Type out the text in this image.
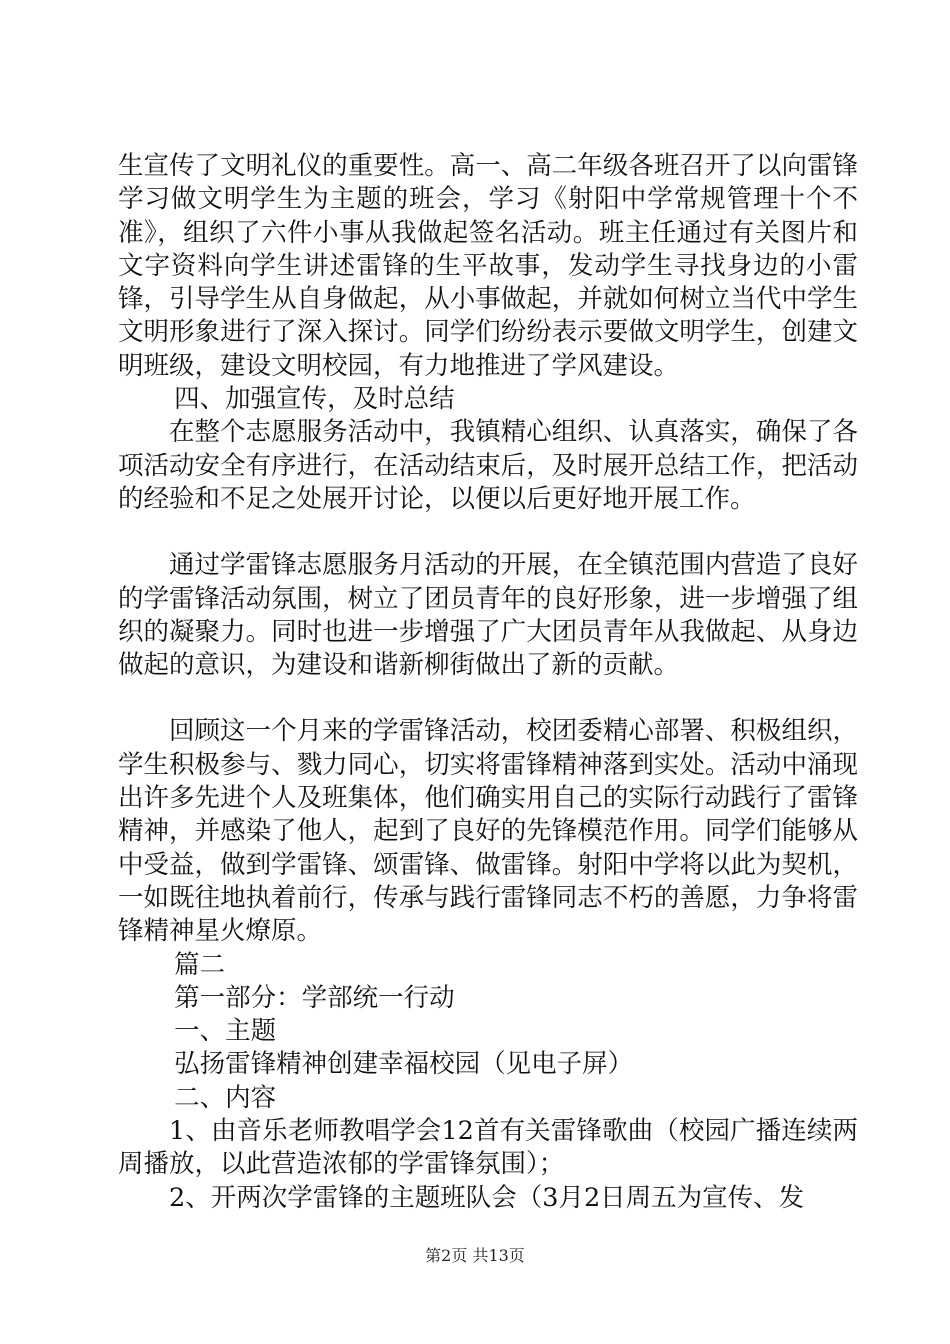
生宣传了文明礼仪的重要性。高一、高二年级各班召开了以向雷锋学习做文明学生为主题的班会，学习《射阳中学常规管理十个不准》，组织了六件小事从我做起签名活动。班主任通过有关图片和文字资料向学生讲述雷锋的生平故事，发动学生寻找身边的小雷锋，引导学生从自身做起，从小事做起，并就如何树立当代中学生文明形象进行了深入探讨。同学们纷纷表示要做文明学生，创建文明班级，建设文明校园，有力地推进了学风建设。

四、加强宣传，及时总结

在整个志愿服务活动中，我镇精心组织、认真落实，确保了各项活动安全有序进行，在活动结束后，及时展开总结工作，把活动的经验和不足之处展开讨论，以便以后更好地开展工作。

通过学雷锋志愿服务月活动的开展，在全镇范围内营造了良好的学雷锋活动氛围，树立了团员青年的良好形象，进一步增强了组织的凝聚力。同时也进一步增强了广大团员青年从我做起、从身边做起的意识，为建设和谐新柳街做出了新的贡献。

回顾这一个月来的学雷锋活动，校团委精心部署、积极组织，学生积极参与、戮力同心，切实将雷锋精神落到实处。活动中涌现出许多先进个人及班集体，他们确实用自己的实际行动践行了雷锋精神，并感染了他人，起到了良好的先锋模范作用。同学们能够从中受益，做到学雷锋、颂雷锋、做雷锋。射阳中学将以此为契机，一如既往地执着前行，传承与践行雷锋同志不朽的善愿，力争将雷锋精神星火燎原。

篇二

第一部分：学部统一行动

一、主题

弘扬雷锋精神创建幸福校园（见电子屏）

二、内容

1、由音乐老师教唱学会12首有关雷锋歌曲（校园广播连续两周播放，以此营造浓郁的学雷锋氛围）；

2、开两次学雷锋的主题班队会（3月2日周五为宣传、发

第2页 共13页
